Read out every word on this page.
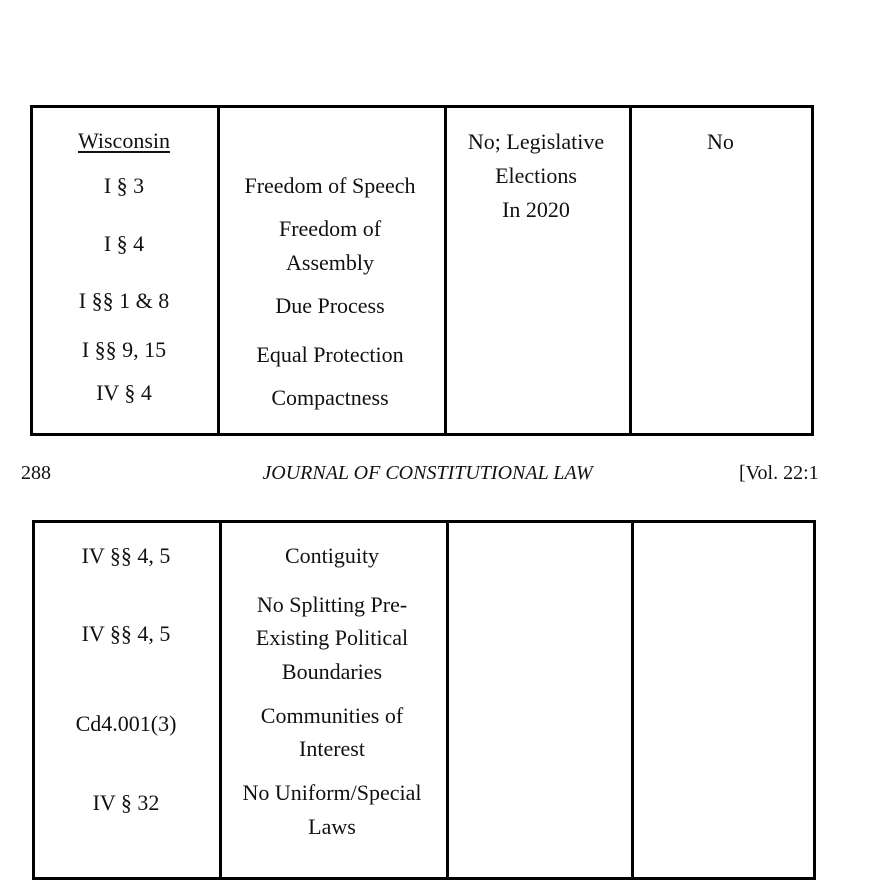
Wisconsin
I § 3
I § 4
I §§ 1 & 8
I §§ 9, 15
IV § 4
Freedom of Speech
Freedom of
Assembly
Due Process
Equal Protection
Compactness
No; Legislative
Elections
In 2020
No
288	JOURNAL OF CONSTITUTIONAL LAW	[Vol. 22:1
IV §§ 4, 5
IV §§ 4, 5
Cd4.001(3)
IV § 32
Contiguity
No Splitting Pre-
Existing Political
Boundaries
Communities of
Interest
No Uniform/Special
Laws
